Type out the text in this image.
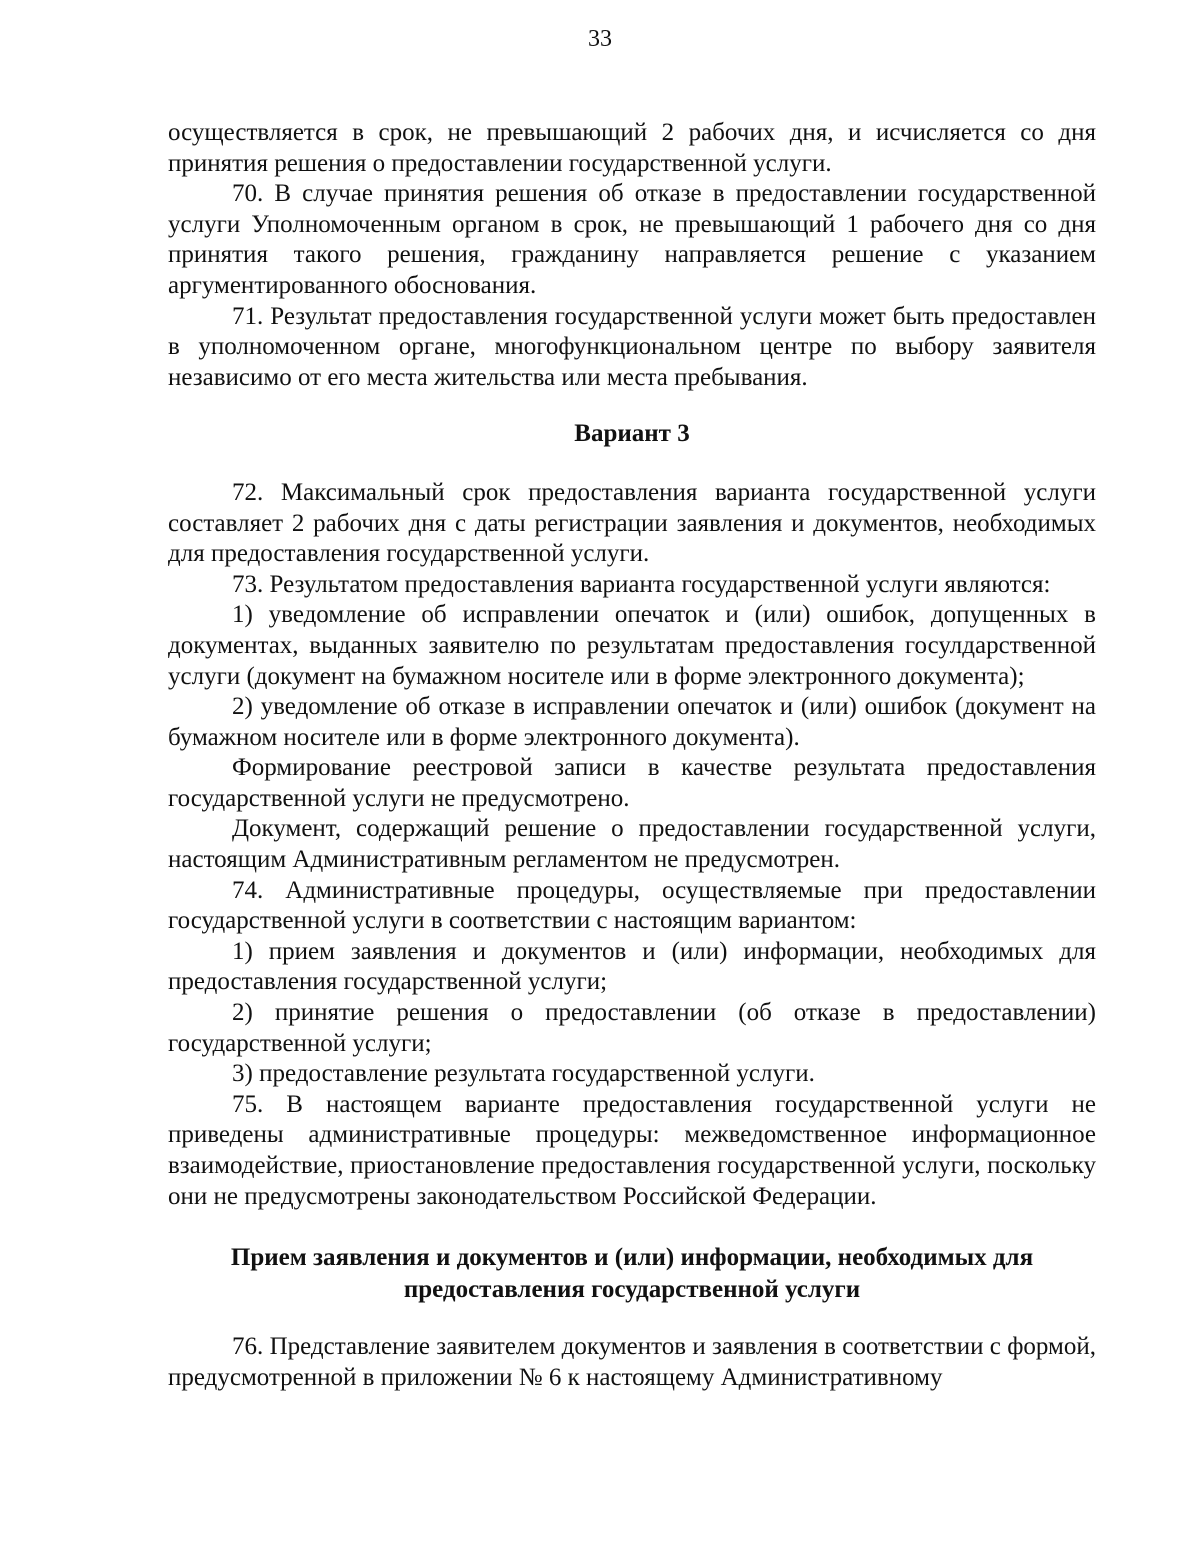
33

осуществляется в срок, не превышающий 2 рабочих дня, и исчисляется со дня принятия решения о предоставлении государственной услуги.

70. В случае принятия решения об отказе в предоставлении государственной услуги Уполномоченным органом в срок, не превышающий 1 рабочего дня со дня принятия такого решения, гражданину направляется решение с указанием аргументированного обоснования.

71. Результат предоставления государственной услуги может быть предоставлен в уполномоченном органе, многофункциональном центре по выбору заявителя независимо от его места жительства или места пребывания.

Вариант 3

72. Максимальный срок предоставления варианта государственной услуги составляет 2 рабочих дня с даты регистрации заявления и документов, необходимых для предоставления государственной услуги.

73. Результатом предоставления варианта государственной услуги являются:

1) уведомление об исправлении опечаток и (или) ошибок, допущенных в документах, выданных заявителю по результатам предоставления госулдарственной услуги (документ на бумажном носителе или в форме электронного документа);

2) уведомление об отказе в исправлении опечаток и (или) ошибок (документ на бумажном носителе или в форме электронного документа).

Формирование реестровой записи в качестве результата предоставления государственной услуги не предусмотрено.

Документ, содержащий решение о предоставлении государственной услуги, настоящим Административным регламентом не предусмотрен.

74. Административные процедуры, осуществляемые при предоставлении государственной услуги в соответствии с настоящим вариантом:

1) прием заявления и документов и (или) информации, необходимых для предоставления государственной услуги;

2) принятие решения о предоставлении (об отказе в предоставлении) государственной услуги;

3) предоставление результата государственной услуги.

75. В настоящем варианте предоставления государственной услуги не приведены административные процедуры: межведомственное информационное взаимодействие, приостановление предоставления государственной услуги, поскольку они не предусмотрены законодательством Российской Федерации.

Прием заявления и документов и (или) информации, необходимых для
предоставления государственной услуги

76. Представление заявителем документов и заявления в соответствии с формой, предусмотренной в приложении № 6 к настоящему Административному
